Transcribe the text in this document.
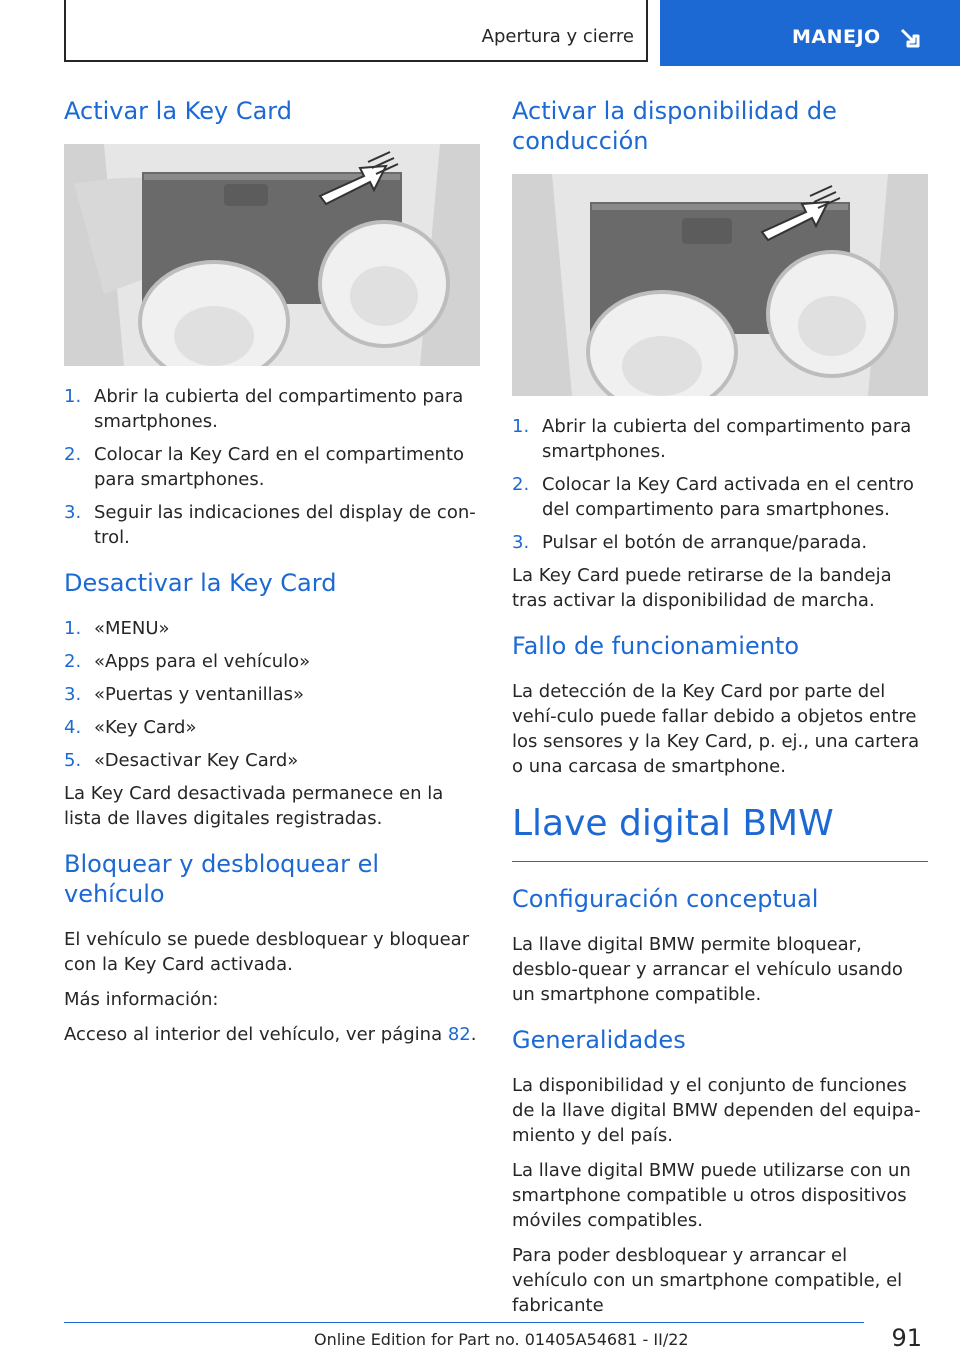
Apertura y cierre	MANEJO
Activar la Key Card
1. Abrir la cubierta del compartimento para smartphones.
2. Colocar la Key Card en el compartimento para smartphones.
3. Seguir las indicaciones del display de con‐trol.
Desactivar la Key Card
1. «MENU»
2. «Apps para el vehículo»
3. «Puertas y ventanillas»
4. «Key Card»
5. «Desactivar Key Card»

La Key Card desactivada permanece en la lista de llaves digitales registradas.

Bloquear y desbloquear el vehículo

El vehículo se puede desbloquear y bloquear con la Key Card activada.

Más información:

Acceso al interior del vehículo, ver página 82.

Activar la disponibilidad de conducción
1. Abrir la cubierta del compartimento para smartphones.
2. Colocar la Key Card activada en el centro del compartimento para smartphones.
3. Pulsar el botón de arranque/parada.

La Key Card puede retirarse de la bandeja tras activar la disponibilidad de marcha.

Fallo de funcionamiento

La detección de la Key Card por parte del vehí‐culo puede fallar debido a objetos entre los sensores y la Key Card, p. ej., una cartera o una carcasa de smartphone.

Llave digital BMW
Configuración conceptual

La llave digital BMW permite bloquear, desblo‐quear y arrancar el vehículo usando un smartphone compatible.

Generalidades

La disponibilidad y el conjunto de funciones de la llave digital BMW dependen del equipa‐miento y del país.

La llave digital BMW puede utilizarse con un smartphone compatible u otros dispositivos móviles compatibles.

Para poder desbloquear y arrancar el vehículo con un smartphone compatible, el fabricante

91
Online Edition for Part no. 01405A54681 - II/22
